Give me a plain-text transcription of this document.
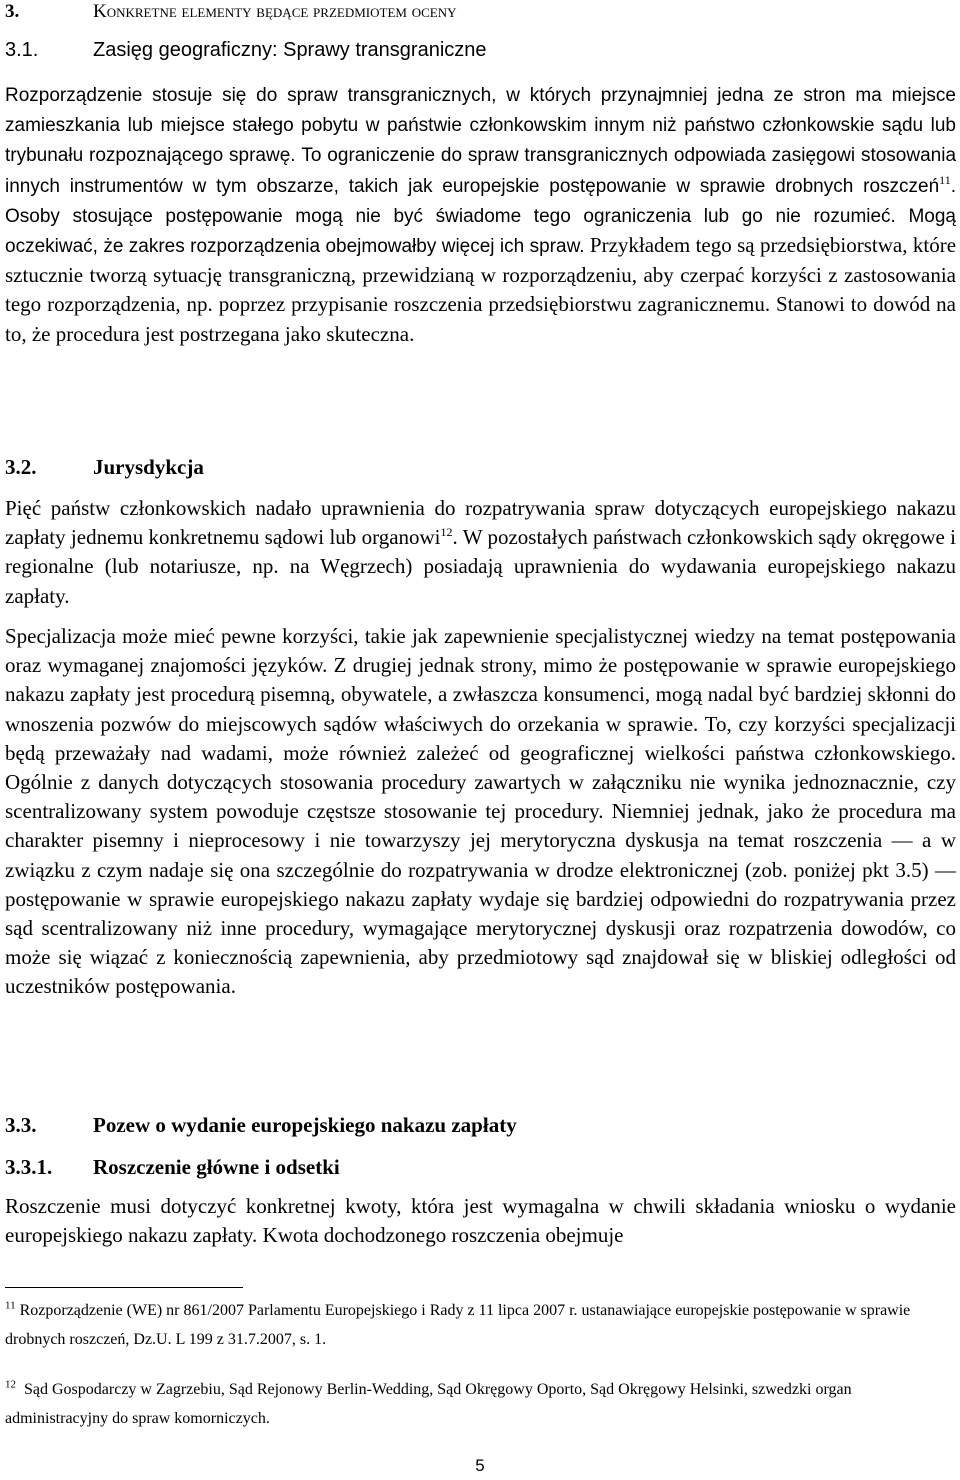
3.	Konkretne elementy będące przedmiotem oceny
3.1.	Zasięg geograficzny: Sprawy transgraniczne

Rozporządzenie stosuje się do spraw transgranicznych, w których przynajmniej jedna ze stron ma miejsce zamieszkania lub miejsce stałego pobytu w państwie członkowskim innym niż państwo członkowskie sądu lub trybunału rozpoznającego sprawę. To ograniczenie do spraw transgranicznych odpowiada zasięgowi stosowania innych instrumentów w tym obszarze, takich jak europejskie postępowanie w sprawie drobnych roszczeń$^{11}$. Osoby stosujące postępowanie mogą nie być świadome tego ograniczenia lub go nie rozumieć. Mogą oczekiwać, że zakres rozporządzenia obejmowałby więcej ich spraw. Przykładem tego są przedsiębiorstwa, które sztucznie tworzą sytuację transgraniczną, przewidzianą w rozporządzeniu, aby czerpać korzyści z zastosowania tego rozporządzenia, np. poprzez przypisanie roszczenia przedsiębiorstwu zagranicznemu. Stanowi to dowód na to, że procedura jest postrzegana jako skuteczna.

3.2.	Jurysdykcja

Pięć państw członkowskich nadało uprawnienia do rozpatrywania spraw dotyczących europejskiego nakazu zapłaty jednemu konkretnemu sądowi lub organowi$^{12}$. W pozostałych państwach członkowskich sądy okręgowe i regionalne (lub notariusze, np. na Węgrzech) posiadają uprawnienia do wydawania europejskiego nakazu zapłaty.

Specjalizacja może mieć pewne korzyści, takie jak zapewnienie specjalistycznej wiedzy na temat postępowania oraz wymaganej znajomości języków. Z drugiej jednak strony, mimo że postępowanie w sprawie europejskiego nakazu zapłaty jest procedurą pisemną, obywatele, a zwłaszcza konsumenci, mogą nadal być bardziej skłonni do wnoszenia pozwów do miejscowych sądów właściwych do orzekania w sprawie. To, czy korzyści specjalizacji będą przeważały nad wadami, może również zależeć od geograficznej wielkości państwa członkowskiego. Ogólnie z danych dotyczących stosowania procedury zawartych w załączniku nie wynika jednoznacznie, czy scentralizowany system powoduje częstsze stosowanie tej procedury. Niemniej jednak, jako że procedura ma charakter pisemny i nieprocesowy i nie towarzyszy jej merytoryczna dyskusja na temat roszczenia — a w związku z czym nadaje się ona szczególnie do rozpatrywania w drodze elektronicznej (zob. poniżej pkt 3.5) — postępowanie w sprawie europejskiego nakazu zapłaty wydaje się bardziej odpowiedni do rozpatrywania przez sąd scentralizowany niż inne procedury, wymagające merytorycznej dyskusji oraz rozpatrzenia dowodów, co może się wiązać z koniecznością zapewnienia, aby przedmiotowy sąd znajdował się w bliskiej odległości od uczestników postępowania.

3.3.	Pozew o wydanie europejskiego nakazu zapłaty
3.3.1. Roszczenie główne i odsetki

Roszczenie musi dotyczyć konkretnej kwoty, która jest wymagalna w chwili składania wniosku o wydanie europejskiego nakazu zapłaty. Kwota dochodzonego roszczenia obejmuje

$^{11}$ Rozporządzenie (WE) nr 861/2007 Parlamentu Europejskiego i Rady z 11 lipca 2007 r. ustanawiające europejskie postępowanie w sprawie drobnych roszczeń, Dz.U. L 199 z 31.7.2007, s. 1.

$^{12}$ Sąd Gospodarczy w Zagrzebiu, Sąd Rejonowy Berlin-Wedding, Sąd Okręgowy Oporto, Sąd Okręgowy Helsinki, szwedzki organ administracyjny do spraw komorniczych.

5
